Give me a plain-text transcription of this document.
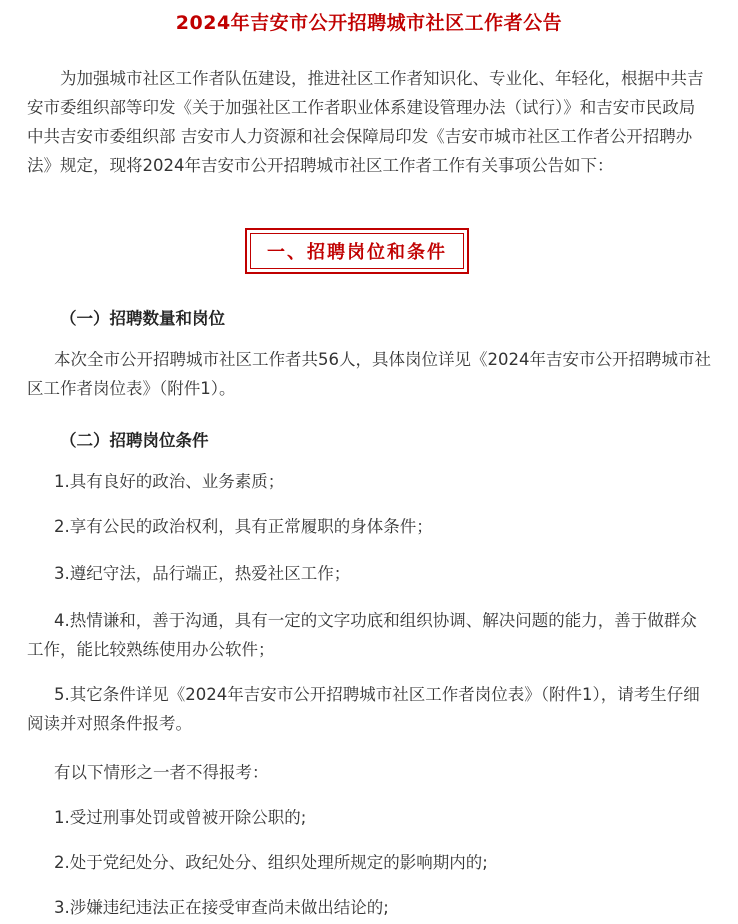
2024年吉安市公开招聘城市社区工作者公告
为加强城市社区工作者队伍建设，推进社区工作者知识化、专业化、年轻化，根据中共吉安市委组织部等印发《关于加强社区工作者职业体系建设管理办法（试行）》和吉安市民政局 中共吉安市委组织部 吉安市人力资源和社会保障局印发《吉安市城市社区工作者公开招聘办法》规定，现将2024年吉安市公开招聘城市社区工作者工作有关事项公告如下：
一、招聘岗位和条件
（一）招聘数量和岗位
本次全市公开招聘城市社区工作者共56人，具体岗位详见《2024年吉安市公开招聘城市社区工作者岗位表》（附件1）。
（二）招聘岗位条件
1.具有良好的政治、业务素质；
2.享有公民的政治权利，具有正常履职的身体条件；
3.遵纪守法，品行端正，热爱社区工作；
4.热情谦和，善于沟通，具有一定的文字功底和组织协调、解决问题的能力，善于做群众工作，能比较熟练使用办公软件；
5.其它条件详见《2024年吉安市公开招聘城市社区工作者岗位表》（附件1），请考生仔细阅读并对照条件报考。
有以下情形之一者不得报考：
1.受过刑事处罚或曾被开除公职的;
2.处于党纪处分、政纪处分、组织处理所规定的影响期内的;
3.涉嫌违纪违法正在接受审查尚未做出结论的;
